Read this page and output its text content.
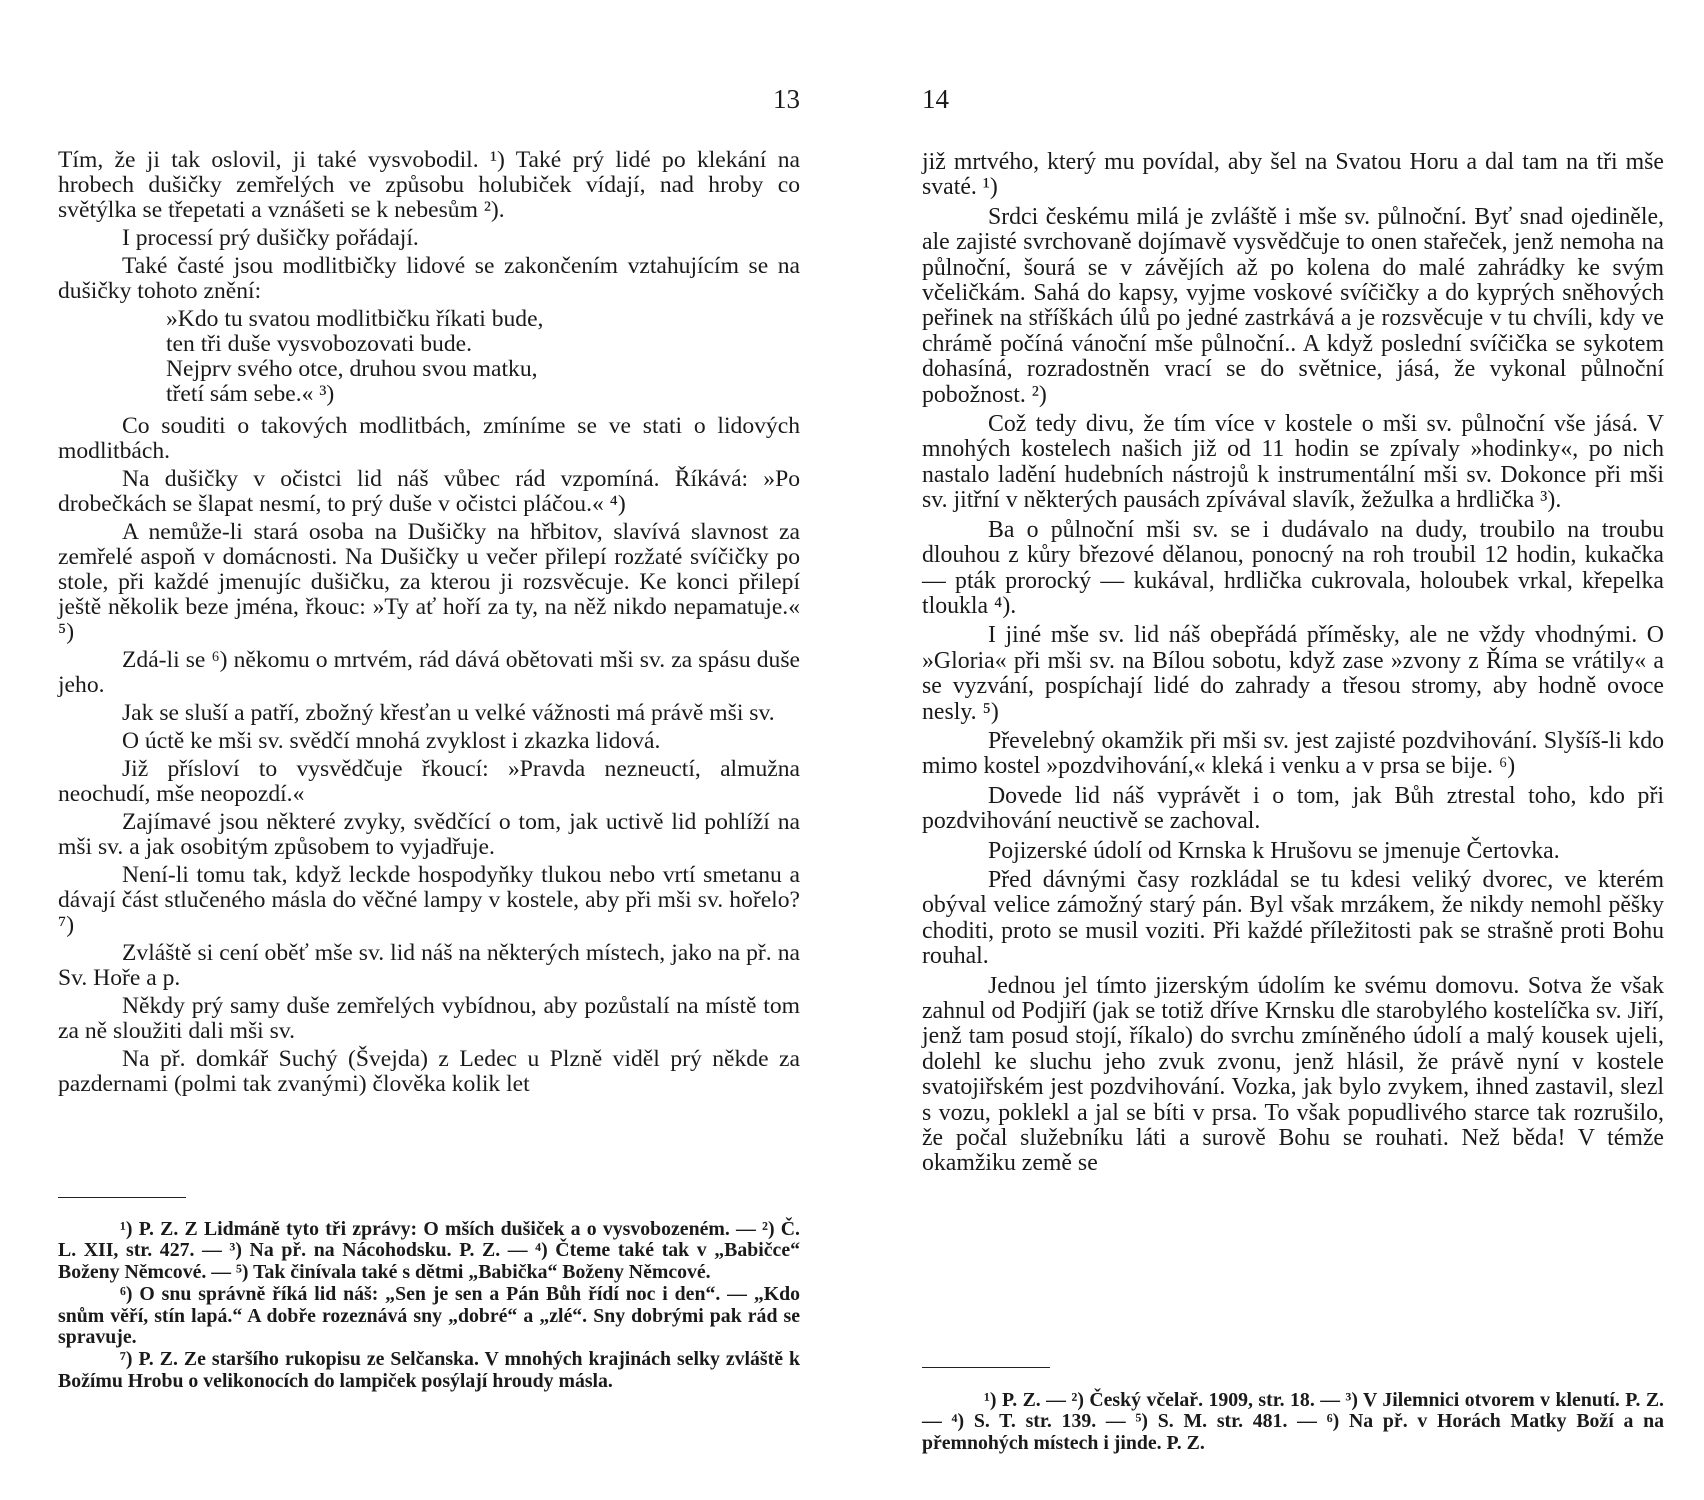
13

Tím, že ji tak oslovil, ji také vysvobodil. ¹) Také prý lidé po klekání na hrobech dušičky zemřelých ve způsobu holubiček vídají, nad hroby co světýlka se třepetati a vznášeti se k nebesům ²).

I processí prý dušičky pořádají.

Také časté jsou modlitbičky lidové se zakončením vztahujícím se na dušičky tohoto znění:

»Kdo tu svatou modlitbičku říkati bude,
ten tři duše vysvobozovati bude.
Nejprv svého otce, druhou svou matku,
třetí sám sebe.« ³)

Co souditi o takových modlitbách, zmíníme se ve stati o lidových modlitbách.

Na dušičky v očistci lid náš vůbec rád vzpomíná. Říkává: »Po drobečkách se šlapat nesmí, to prý duše v očistci pláčou.« ⁴)

A nemůže-li stará osoba na Dušičky na hřbitov, slavívá slavnost za zemřelé aspoň v domácnosti. Na Dušičky u večer přilepí rozžaté svíčičky po stole, při každé jmenujíc dušičku, za kterou ji rozsvěcuje. Ke konci přilepí ještě několik beze jména, řkouc: »Ty ať hoří za ty, na něž nikdo nepamatuje.« ⁵)

Zdá-li se ⁶) někomu o mrtvém, rád dává obětovati mši sv. za spásu duše jeho.

Jak se sluší a patří, zbožný křesťan u velké vážnosti má právě mši sv.

O úctě ke mši sv. svědčí mnohá zvyklost i zkazka lidová.

Již přísloví to vysvědčuje řkoucí: »Pravda nezneuctí, almužna neochudí, mše neopozdí.«

Zajímavé jsou některé zvyky, svědčící o tom, jak uctivě lid pohlíží na mši sv. a jak osobitým způsobem to vyjadřuje.

Není-li tomu tak, když leckde hospodyňky tlukou nebo vrtí smetanu a dávají část stlučeného másla do věčné lampy v kostele, aby při mši sv. hořelo? ⁷)

Zvláště si cení oběť mše sv. lid náš na některých místech, jako na př. na Sv. Hoře a p.

Někdy prý samy duše zemřelých vybídnou, aby pozůstalí na místě tom za ně sloužiti dali mši sv.

Na př. domkář Suchý (Švejda) z Ledec u Plzně viděl prý někde za pazdernami (polmi tak zvanými) člověka kolik let

¹) P. Z. Z Lidmáně tyto tři zprávy: O mších dušiček a o vysvobozeném. — ²) Č. L. XII, str. 427. — ³) Na př. na Nácohodsku. P. Z. — ⁴) Čteme také tak v „Babičce“ Boženy Němcové. — ⁵) Tak činívala také s dětmi „Babička“ Boženy Němcové.

⁶) O snu správně říká lid náš: „Sen je sen a Pán Bůh řídí noc i den“. — „Kdo snům věří, stín lapá.“ A dobře rozeznává sny „dobré“ a „zlé“. Sny dobrými pak rád se spravuje.

⁷) P. Z. Ze staršího rukopisu ze Selčanska. V mnohých krajinách selky zvláště k Božímu Hrobu o velikonocích do lampiček posýlají hroudy másla.

14

již mrtvého, který mu povídal, aby šel na Svatou Horu a dal tam na tři mše svaté. ¹)

Srdci českému milá je zvláště i mše sv. půlnoční. Byť snad ojediněle, ale zajisté svrchovaně dojímavě vysvědčuje to onen stařeček, jenž nemoha na půlnoční, šourá se v závějích až po kolena do malé zahrádky ke svým včeličkám. Sahá do kapsy, vyjme voskové svíčičky a do kyprých sněhových peřinek na stříškách úlů po jedné zastrkává a je rozsvěcuje v tu chvíli, kdy ve chrámě počíná vánoční mše půlnoční.. A když poslední svíčička se sykotem dohasíná, rozradostněn vrací se do světnice, jásá, že vykonal půlnoční pobožnost. ²)

Což tedy divu, že tím více v kostele o mši sv. půlnoční vše jásá. V mnohých kostelech našich již od 11 hodin se zpívaly »hodinky«, po nich nastalo ladění hudebních nástrojů k instrumentální mši sv. Dokonce při mši sv. jitřní v některých pausách zpívával slavík, žežulka a hrdlička ³).

Ba o půlnoční mši sv. se i dudávalo na dudy, troubilo na troubu dlouhou z kůry březové dělanou, ponocný na roh troubil 12 hodin, kukačka — pták prorocký — kukával, hrdlička cukrovala, holoubek vrkal, křepelka tloukla ⁴).

I jiné mše sv. lid náš obepřádá příměsky, ale ne vždy vhodnými. O »Gloria« při mši sv. na Bílou sobotu, když zase »zvony z Říma se vrátily« a se vyzvání, pospíchají lidé do zahrady a třesou stromy, aby hodně ovoce nesly. ⁵)

Převelebný okamžik při mši sv. jest zajisté pozdvihování. Slyšíš-li kdo mimo kostel »pozdvihování,« kleká i venku a v prsa se bije. ⁶)

Dovede lid náš vyprávět i o tom, jak Bůh ztrestal toho, kdo při pozdvihování neuctivě se zachoval.

Pojizerské údolí od Krnska k Hrušovu se jmenuje Čertovka.

Před dávnými časy rozkládal se tu kdesi veliký dvorec, ve kterém obýval velice zámožný starý pán. Byl však mrzákem, že nikdy nemohl pěšky choditi, proto se musil voziti. Při každé příležitosti pak se strašně proti Bohu rouhal.

Jednou jel tímto jizerským údolím ke svému domovu. Sotva že však zahnul od Podjiří (jak se totiž dříve Krnsku dle starobylého kostelíčka sv. Jiří, jenž tam posud stojí, říkalo) do svrchu zmíněného údolí a malý kousek ujeli, dolehl ke sluchu jeho zvuk zvonu, jenž hlásil, že právě nyní v kostele svatojiřském jest pozdvihování. Vozka, jak bylo zvykem, ihned zastavil, slezl s vozu, poklekl a jal se bíti v prsa. To však popudlivého starce tak rozrušilo, že počal služebníku láti a surově Bohu se rouhati. Než běda! V témže okamžiku země se

¹) P. Z. — ²) Český včelař. 1909, str. 18. — ³) V Jilemnici otvorem v klenutí. P. Z. — ⁴) S. T. str. 139. — ⁵) S. M. str. 481. — ⁶) Na př. v Horách Matky Boží a na přemnohých místech i jinde. P. Z.
